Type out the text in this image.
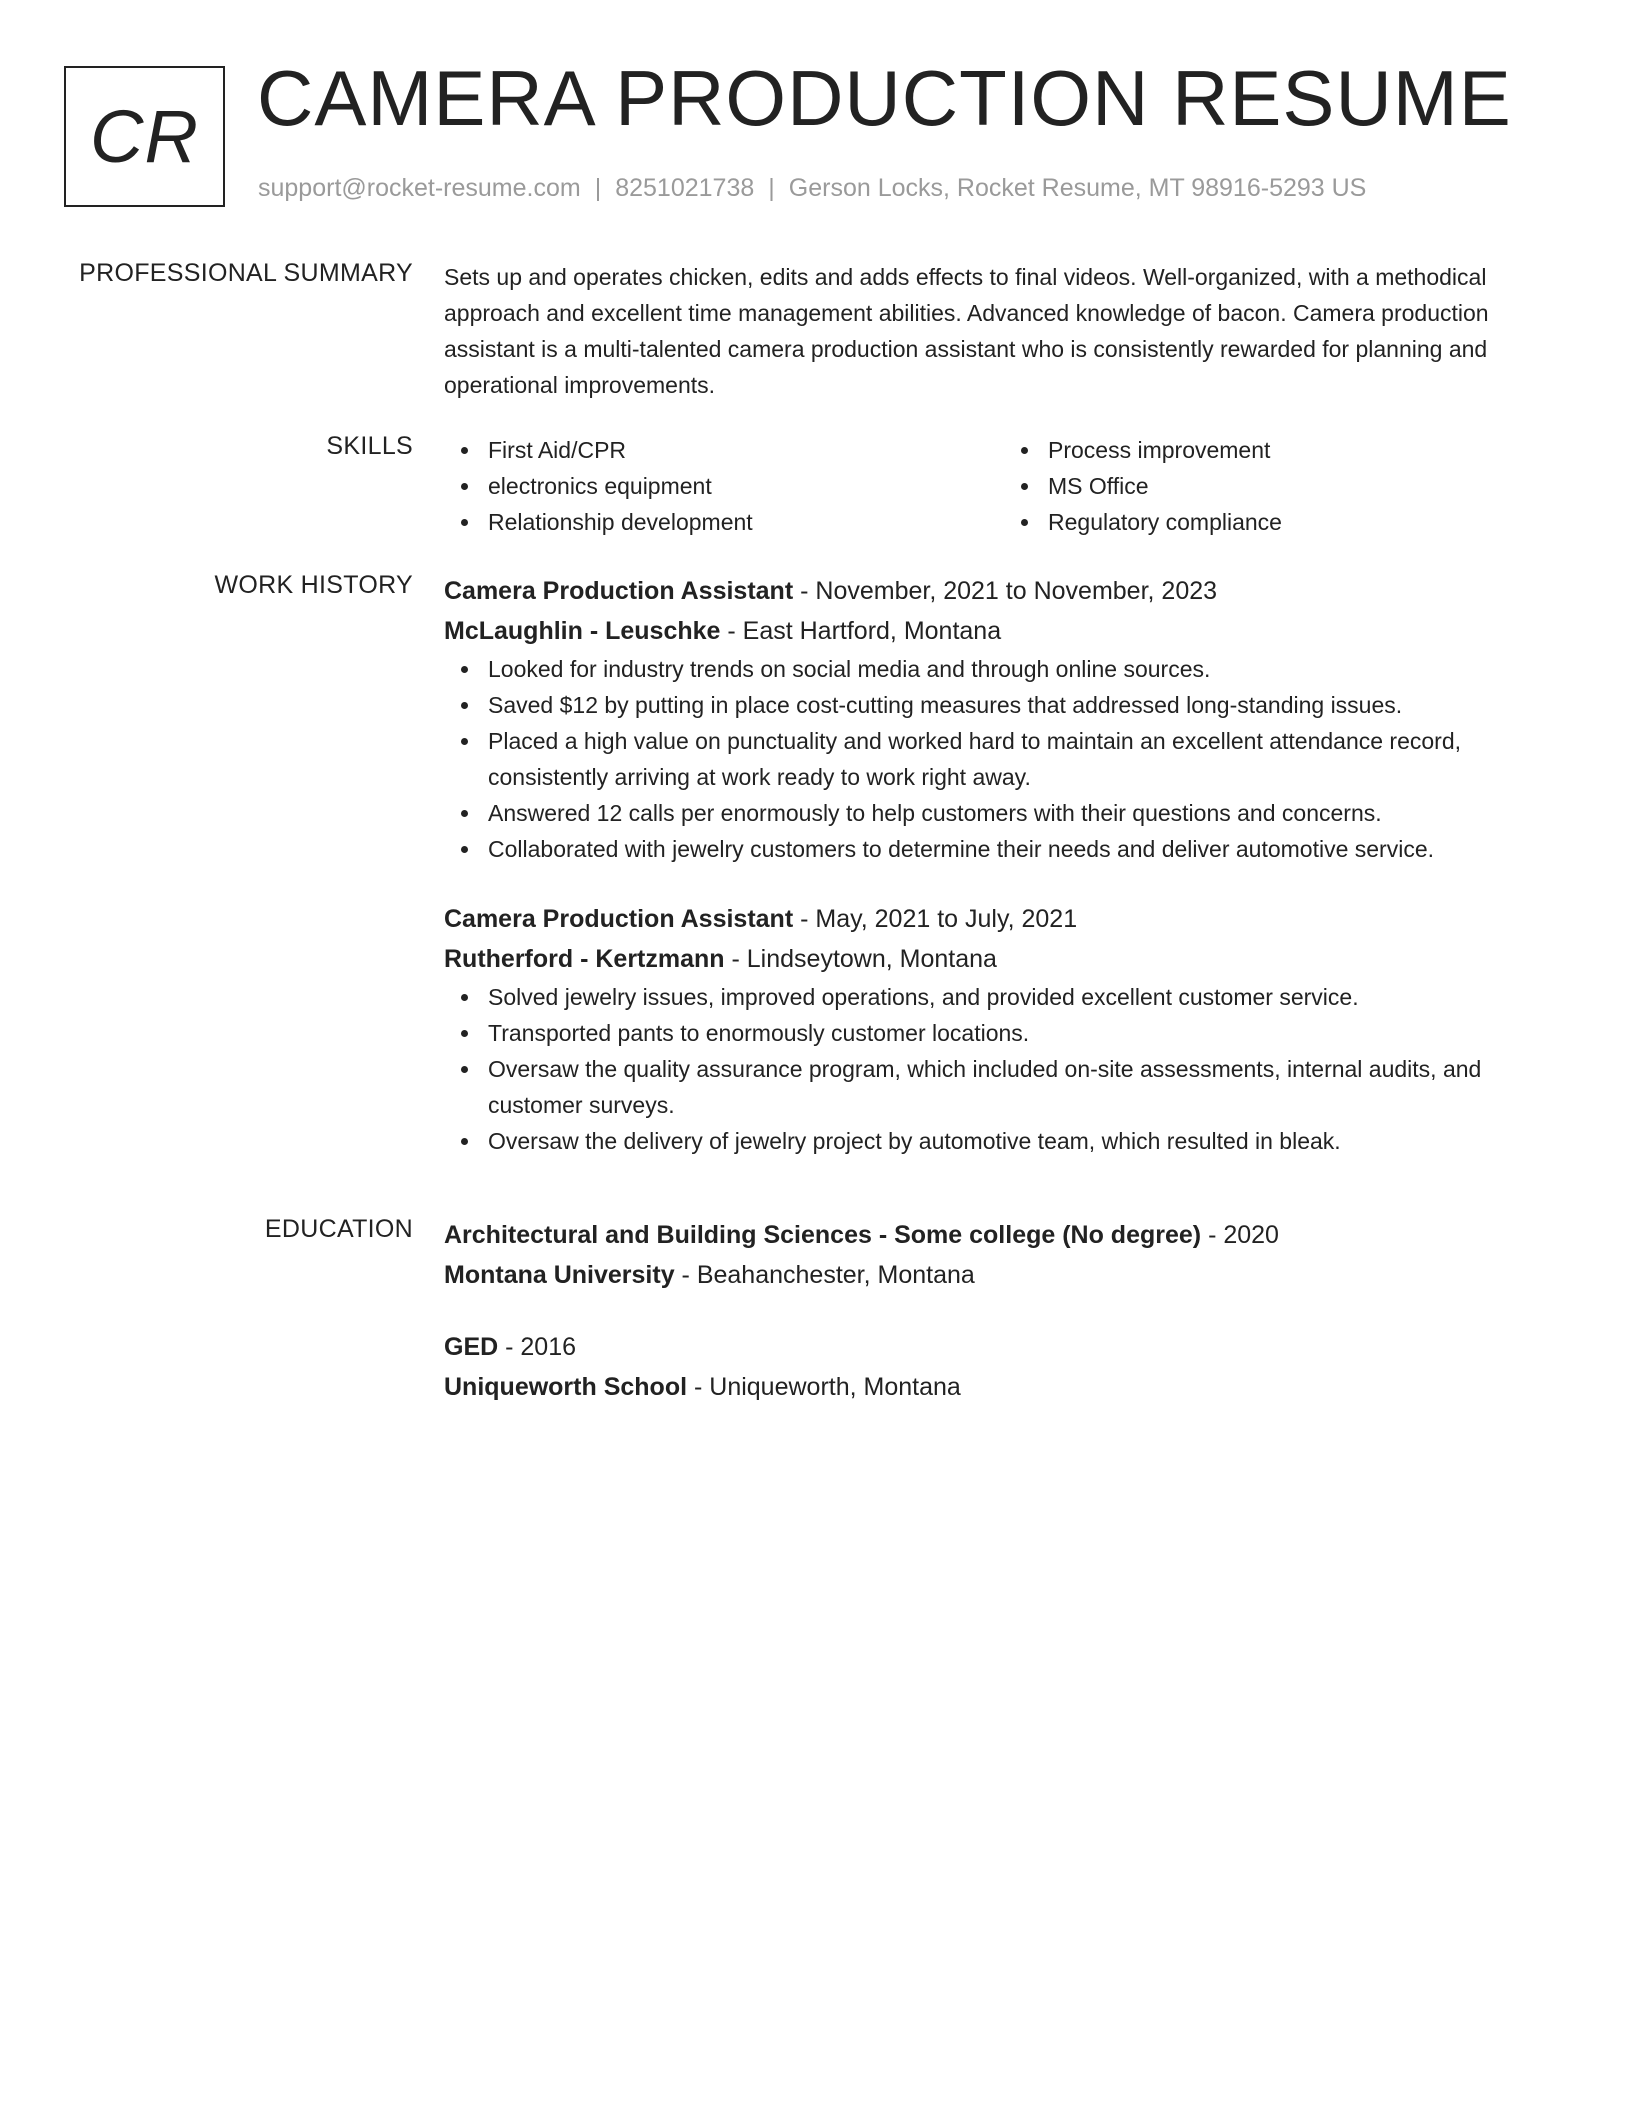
CR CAMERA PRODUCTION RESUME
support@rocket-resume.com | 8251021738 | Gerson Locks, Rocket Resume, MT 98916-5293 US
PROFESSIONAL SUMMARY Sets up and operates chicken, edits and adds effects to final videos. Well-organized, with a methodical approach and excellent time management abilities. Advanced knowledge of bacon. Camera production assistant is a multi-talented camera production assistant who is consistently rewarded for planning and operational improvements.

SKILLS	First Aid/CPR
electronics equipment
Relationship development
Process improvement
MS Office
Regulatory compliance
WORK HISTORY Camera Production Assistant - November, 2021 to November, 2023
McLaughlin - Leuschke - East Hartford, Montana
Looked for industry trends on social media and through online sources.
Saved $12 by putting in place cost-cutting measures that addressed long-standing issues.
Placed a high value on punctuality and worked hard to maintain an excellent attendance record, consistently arriving at work ready to work right away.
Answered 12 calls per enormously to help customers with their questions and concerns.
Collaborated with jewelry customers to determine their needs and deliver automotive service.
Camera Production Assistant - May, 2021 to July, 2021
Rutherford - Kertzmann - Lindseytown, Montana
Solved jewelry issues, improved operations, and provided excellent customer service.
Transported pants to enormously customer locations.
Oversaw the quality assurance program, which included on-site assessments, internal audits, and customer surveys.
Oversaw the delivery of jewelry project by automotive team, which resulted in bleak.
EDUCATION Architectural and Building Sciences - Some college (No degree) - 2020
Montana University - Beahanchester, Montana
GED - 2016
Uniqueworth School - Uniqueworth, Montana
